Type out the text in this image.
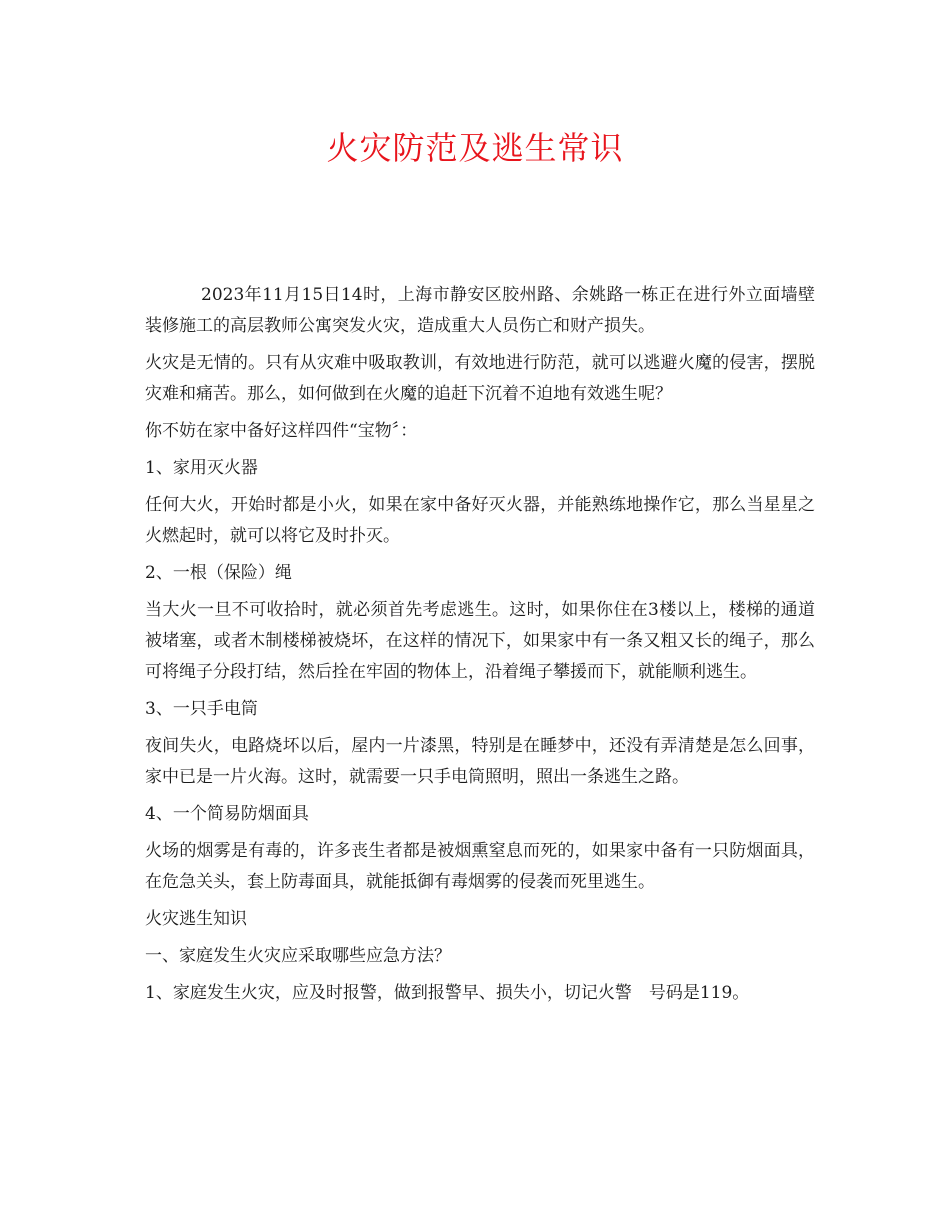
火灾防范及逃生常识

2023年11月15日14时，上海市静安区胶州路、余姚路一栋正在进行外立面墙壁装修施工的高层教师公寓突发火灾，造成重大人员伤亡和财产损失。

火灾是无情的。只有从灾难中吸取教训，有效地进行防范，就可以逃避火魔的侵害，摆脱灾难和痛苦。那么，如何做到在火魔的追赶下沉着不迫地有效逃生呢？

你不妨在家中备好这样四件“宝物〞：

1、家用灭火器

任何大火，开始时都是小火，如果在家中备好灭火器，并能熟练地操作它，那么当星星之火燃起时，就可以将它及时扑灭。

2、一根（保险）绳

当大火一旦不可收拾时，就必须首先考虑逃生。这时，如果你住在3楼以上，楼梯的通道被堵塞，或者木制楼梯被烧坏，在这样的情况下，如果家中有一条又粗又长的绳子，那么可将绳子分段打结，然后拴在牢固的物体上，沿着绳子攀援而下，就能顺利逃生。

3、一只手电筒

夜间失火，电路烧坏以后，屋内一片漆黑，特别是在睡梦中，还没有弄清楚是怎么回事，家中已是一片火海。这时，就需要一只手电筒照明，照出一条逃生之路。

4、一个简易防烟面具

火场的烟雾是有毒的，许多丧生者都是被烟熏窒息而死的，如果家中备有一只防烟面具，在危急关头，套上防毒面具，就能抵御有毒烟雾的侵袭而死里逃生。

火灾逃生知识

一、家庭发生火灾应采取哪些应急方法？

1、家庭发生火灾，应及时报警，做到报警早、损失小，切记火警　号码是119。
